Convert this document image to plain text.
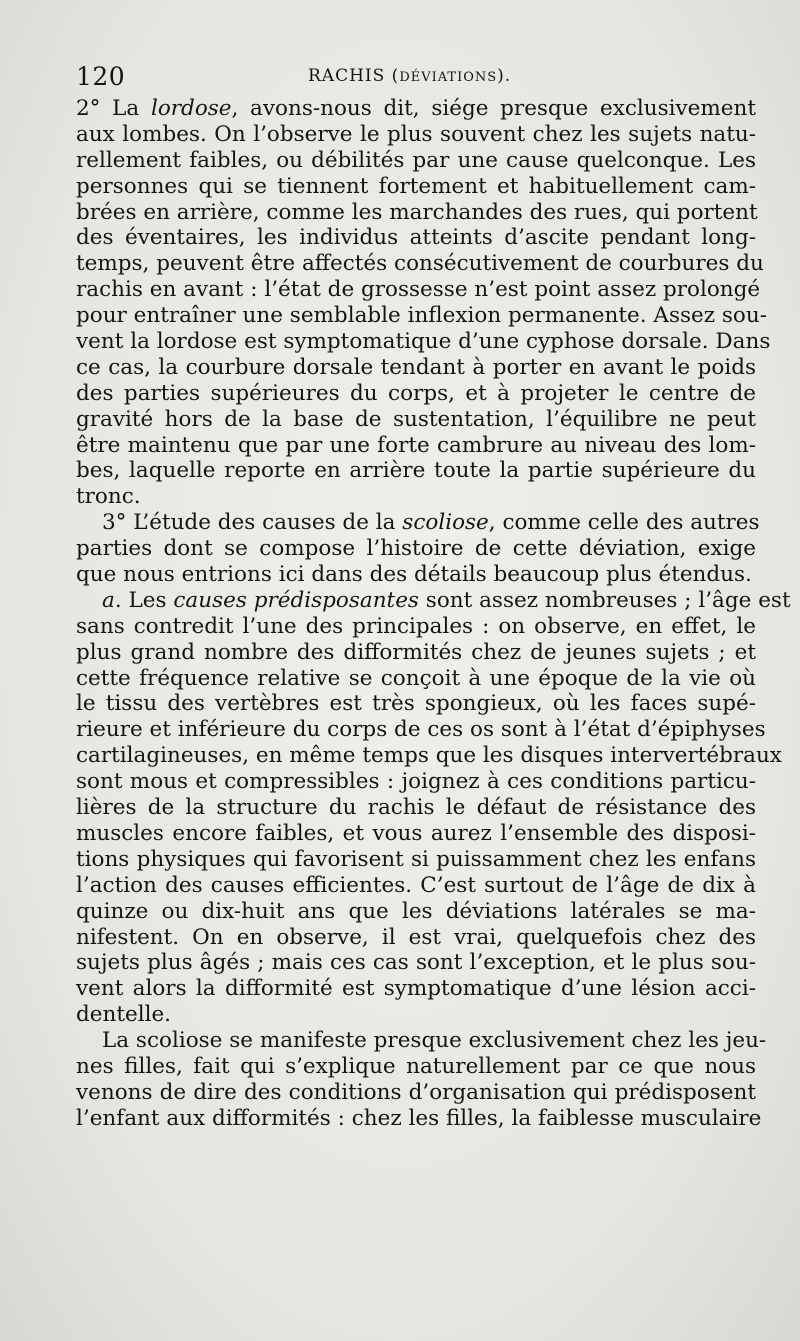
120	RACHIS (DÉVIATIONS).
2° La lordose, avons-nous dit, siége presque exclusivement
aux lombes. On l’observe le plus souvent chez les sujets natu-
rellement faibles, ou débilités par une cause quelconque. Les
personnes qui se tiennent fortement et habituellement cam-
brées en arrière, comme les marchandes des rues, qui portent
des éventaires, les individus atteints d’ascite pendant long-
temps, peuvent être affectés consécutivement de courbures du
rachis en avant : l’état de grossesse n’est point assez prolongé
pour entraîner une semblable inflexion permanente. Assez sou-
vent la lordose est symptomatique d’une cyphose dorsale. Dans
ce cas, la courbure dorsale tendant à porter en avant le poids
des parties supérieures du corps, et à projeter le centre de
gravité hors de la base de sustentation, l’équilibre ne peut
être maintenu que par une forte cambrure au niveau des lom-
bes, laquelle reporte en arrière toute la partie supérieure du
tronc.
3° L’étude des causes de la scoliose, comme celle des autres
parties dont se compose l’histoire de cette déviation, exige
que nous entrions ici dans des détails beaucoup plus étendus.
a. Les causes prédisposantes sont assez nombreuses ; l’âge est
sans contredit l’une des principales : on observe, en effet, le
plus grand nombre des difformités chez de jeunes sujets ; et
cette fréquence relative se conçoit à une époque de la vie où
le tissu des vertèbres est très spongieux, où les faces supé-
rieure et inférieure du corps de ces os sont à l’état d’épiphyses
cartilagineuses, en même temps que les disques intervertébraux
sont mous et compressibles : joignez à ces conditions particu-
lières de la structure du rachis le défaut de résistance des
muscles encore faibles, et vous aurez l’ensemble des disposi-
tions physiques qui favorisent si puissamment chez les enfans
l’action des causes efficientes. C’est surtout de l’âge de dix à
quinze ou dix-huit ans que les déviations latérales se ma-
nifestent. On en observe, il est vrai, quelquefois chez des
sujets plus âgés ; mais ces cas sont l’exception, et le plus sou-
vent alors la difformité est symptomatique d’une lésion acci-
dentelle.
La scoliose se manifeste presque exclusivement chez les jeu-
nes filles, fait qui s’explique naturellement par ce que nous
venons de dire des conditions d’organisation qui prédisposent
l’enfant aux difformités : chez les filles, la faiblesse musculaire
